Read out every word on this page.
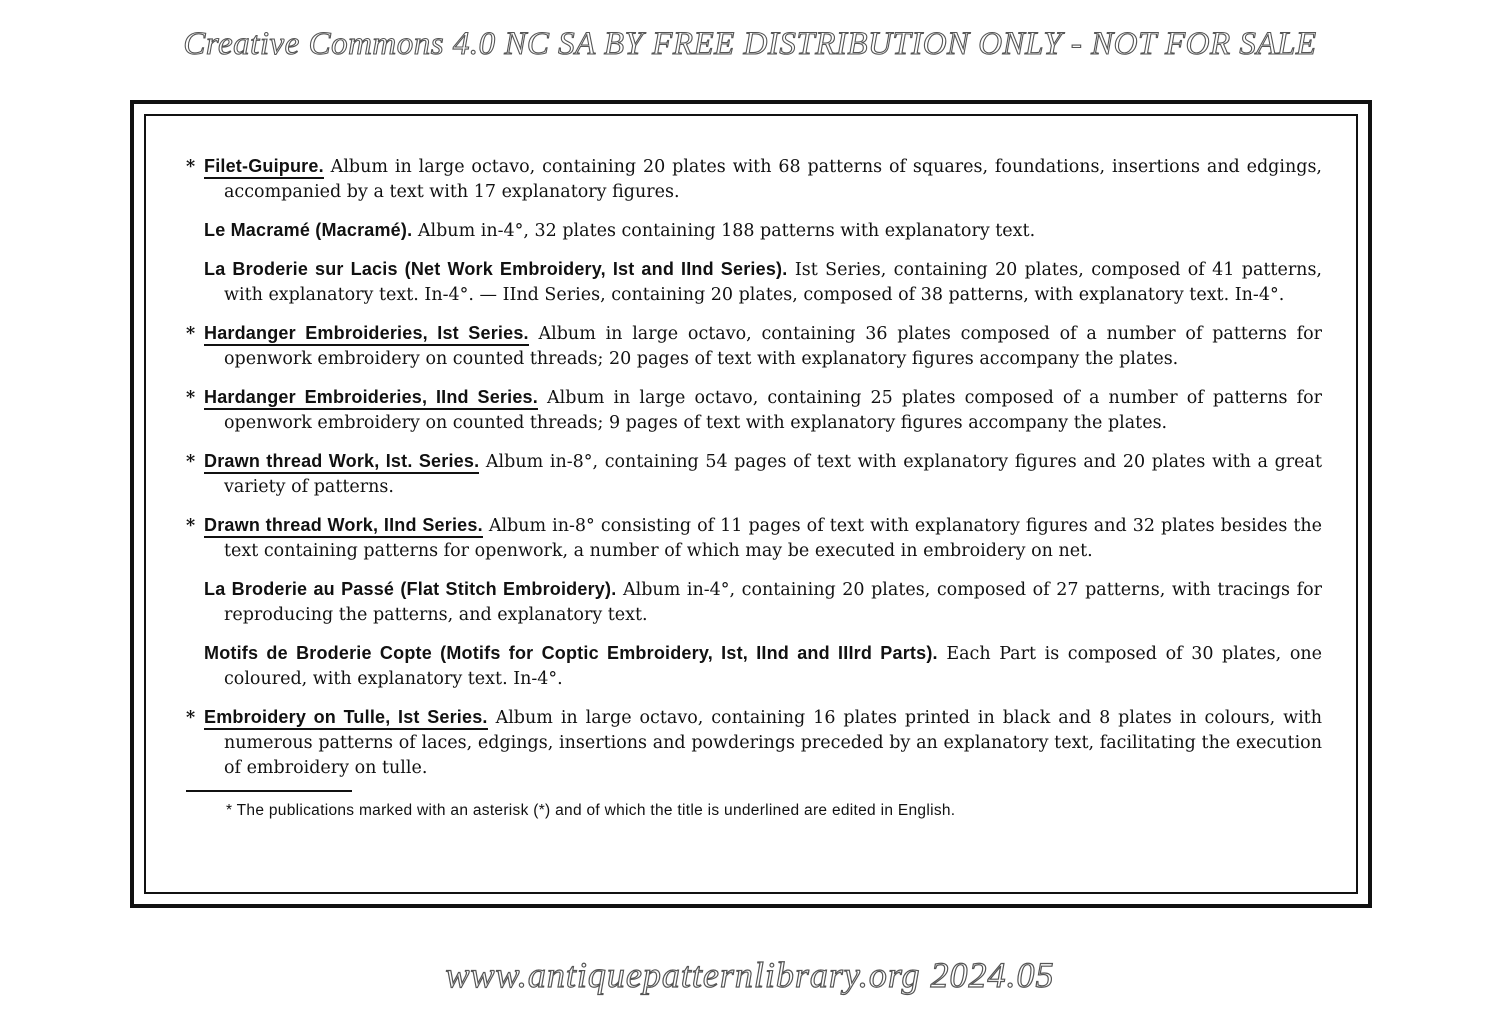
Creative Commons 4.0 NC SA BY FREE DISTRIBUTION ONLY - NOT FOR SALE
* Filet-Guipure. Album in large octavo, containing 20 plates with 68 patterns of squares, foundations, insertions and edgings, accompanied by a text with 17 explanatory figures.
Le Macramé (Macramé). Album in-4°, 32 plates containing 188 patterns with explanatory text.
La Broderie sur Lacis (Net Work Embroidery, Ist and IInd Series). Ist Series, containing 20 plates, composed of 41 patterns, with explanatory text. In-4°. — IInd Series, containing 20 plates, composed of 38 patterns, with explanatory text. In-4°.
* Hardanger Embroideries, Ist Series. Album in large octavo, containing 36 plates composed of a number of patterns for openwork embroidery on counted threads; 20 pages of text with explanatory figures accompany the plates.
* Hardanger Embroideries, IInd Series. Album in large octavo, containing 25 plates composed of a number of patterns for openwork embroidery on counted threads; 9 pages of text with explanatory figures accompany the plates.
* Drawn thread Work, Ist. Series. Album in-8°, containing 54 pages of text with explanatory figures and 20 plates with a great variety of patterns.
* Drawn thread Work, IInd Series. Album in-8° consisting of 11 pages of text with explanatory figures and 32 plates besides the text containing patterns for openwork, a number of which may be executed in embroidery on net.
La Broderie au Passé (Flat Stitch Embroidery). Album in-4°, containing 20 plates, composed of 27 patterns, with tracings for reproducing the patterns, and explanatory text.
Motifs de Broderie Copte (Motifs for Coptic Embroidery, Ist, IInd and IIIrd Parts). Each Part is composed of 30 plates, one coloured, with explanatory text. In-4°.
* Embroidery on Tulle, Ist Series. Album in large octavo, containing 16 plates printed in black and 8 plates in colours, with numerous patterns of laces, edgings, insertions and powderings preceded by an explanatory text, facilitating the execution of embroidery on tulle.
* The publications marked with an asterisk (*) and of which the title is underlined are edited in English.
www.antiquepatternlibrary.org 2024.05
